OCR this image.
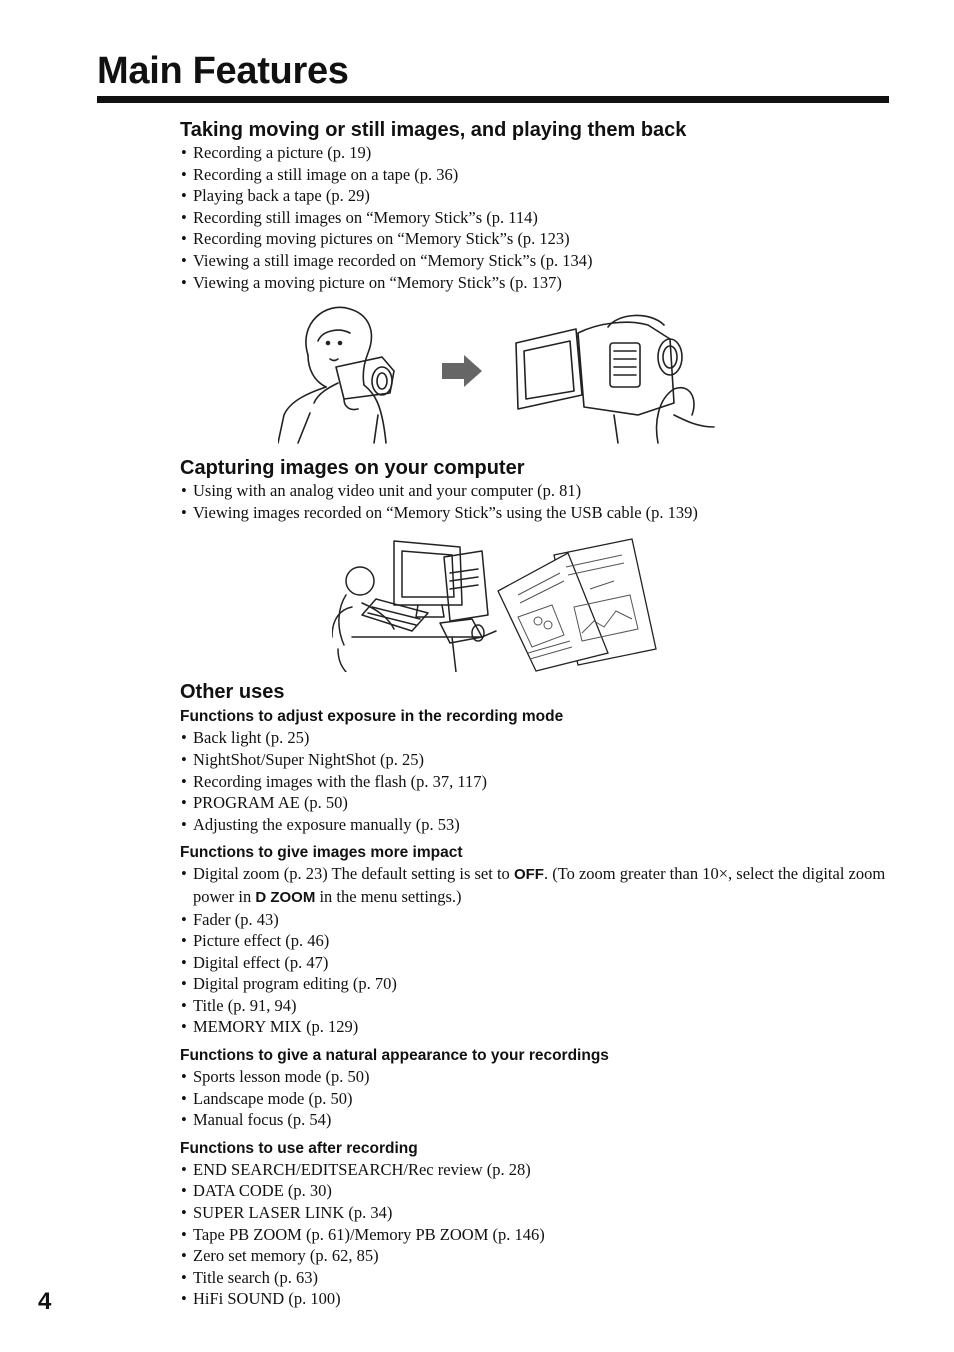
Main Features
Taking moving or still images, and playing them back
• Recording a picture (p. 19)
• Recording a still image on a tape (p. 36)
• Playing back a tape (p. 29)
• Recording still images on “Memory Stick”s (p. 114)
• Recording moving pictures on “Memory Stick”s (p. 123)
• Viewing a still image recorded on “Memory Stick”s (p. 134)
• Viewing a moving picture on “Memory Stick”s (p. 137)
Capturing images on your computer
• Using with an analog video unit and your computer (p. 81)
• Viewing images recorded on “Memory Stick”s using the USB cable (p. 139)
Other uses
Functions to adjust exposure in the recording mode
• Back light (p. 25)
• NightShot/Super NightShot (p. 25)
• Recording images with the flash (p. 37, 117)
• PROGRAM AE (p. 50)
• Adjusting the exposure manually (p. 53)
Functions to give images more impact
• Digital zoom (p. 23) The default setting is set to OFF. (To zoom greater than 10×, select the digital zoom power in D ZOOM in the menu settings.)
• Fader (p. 43)
• Picture effect (p. 46)
• Digital effect (p. 47)
• Digital program editing (p. 70)
• Title (p. 91, 94)
• MEMORY MIX (p. 129)
Functions to give a natural appearance to your recordings
• Sports lesson mode (p. 50)
• Landscape mode (p. 50)
• Manual focus (p. 54)
Functions to use after recording
• END SEARCH/EDITSEARCH/Rec review (p. 28)
• DATA CODE (p. 30)
• SUPER LASER LINK (p. 34)
• Tape PB ZOOM (p. 61)/Memory PB ZOOM (p. 146)
• Zero set memory (p. 62, 85)
• Title search (p. 63)
• HiFi SOUND (p. 100)
4
